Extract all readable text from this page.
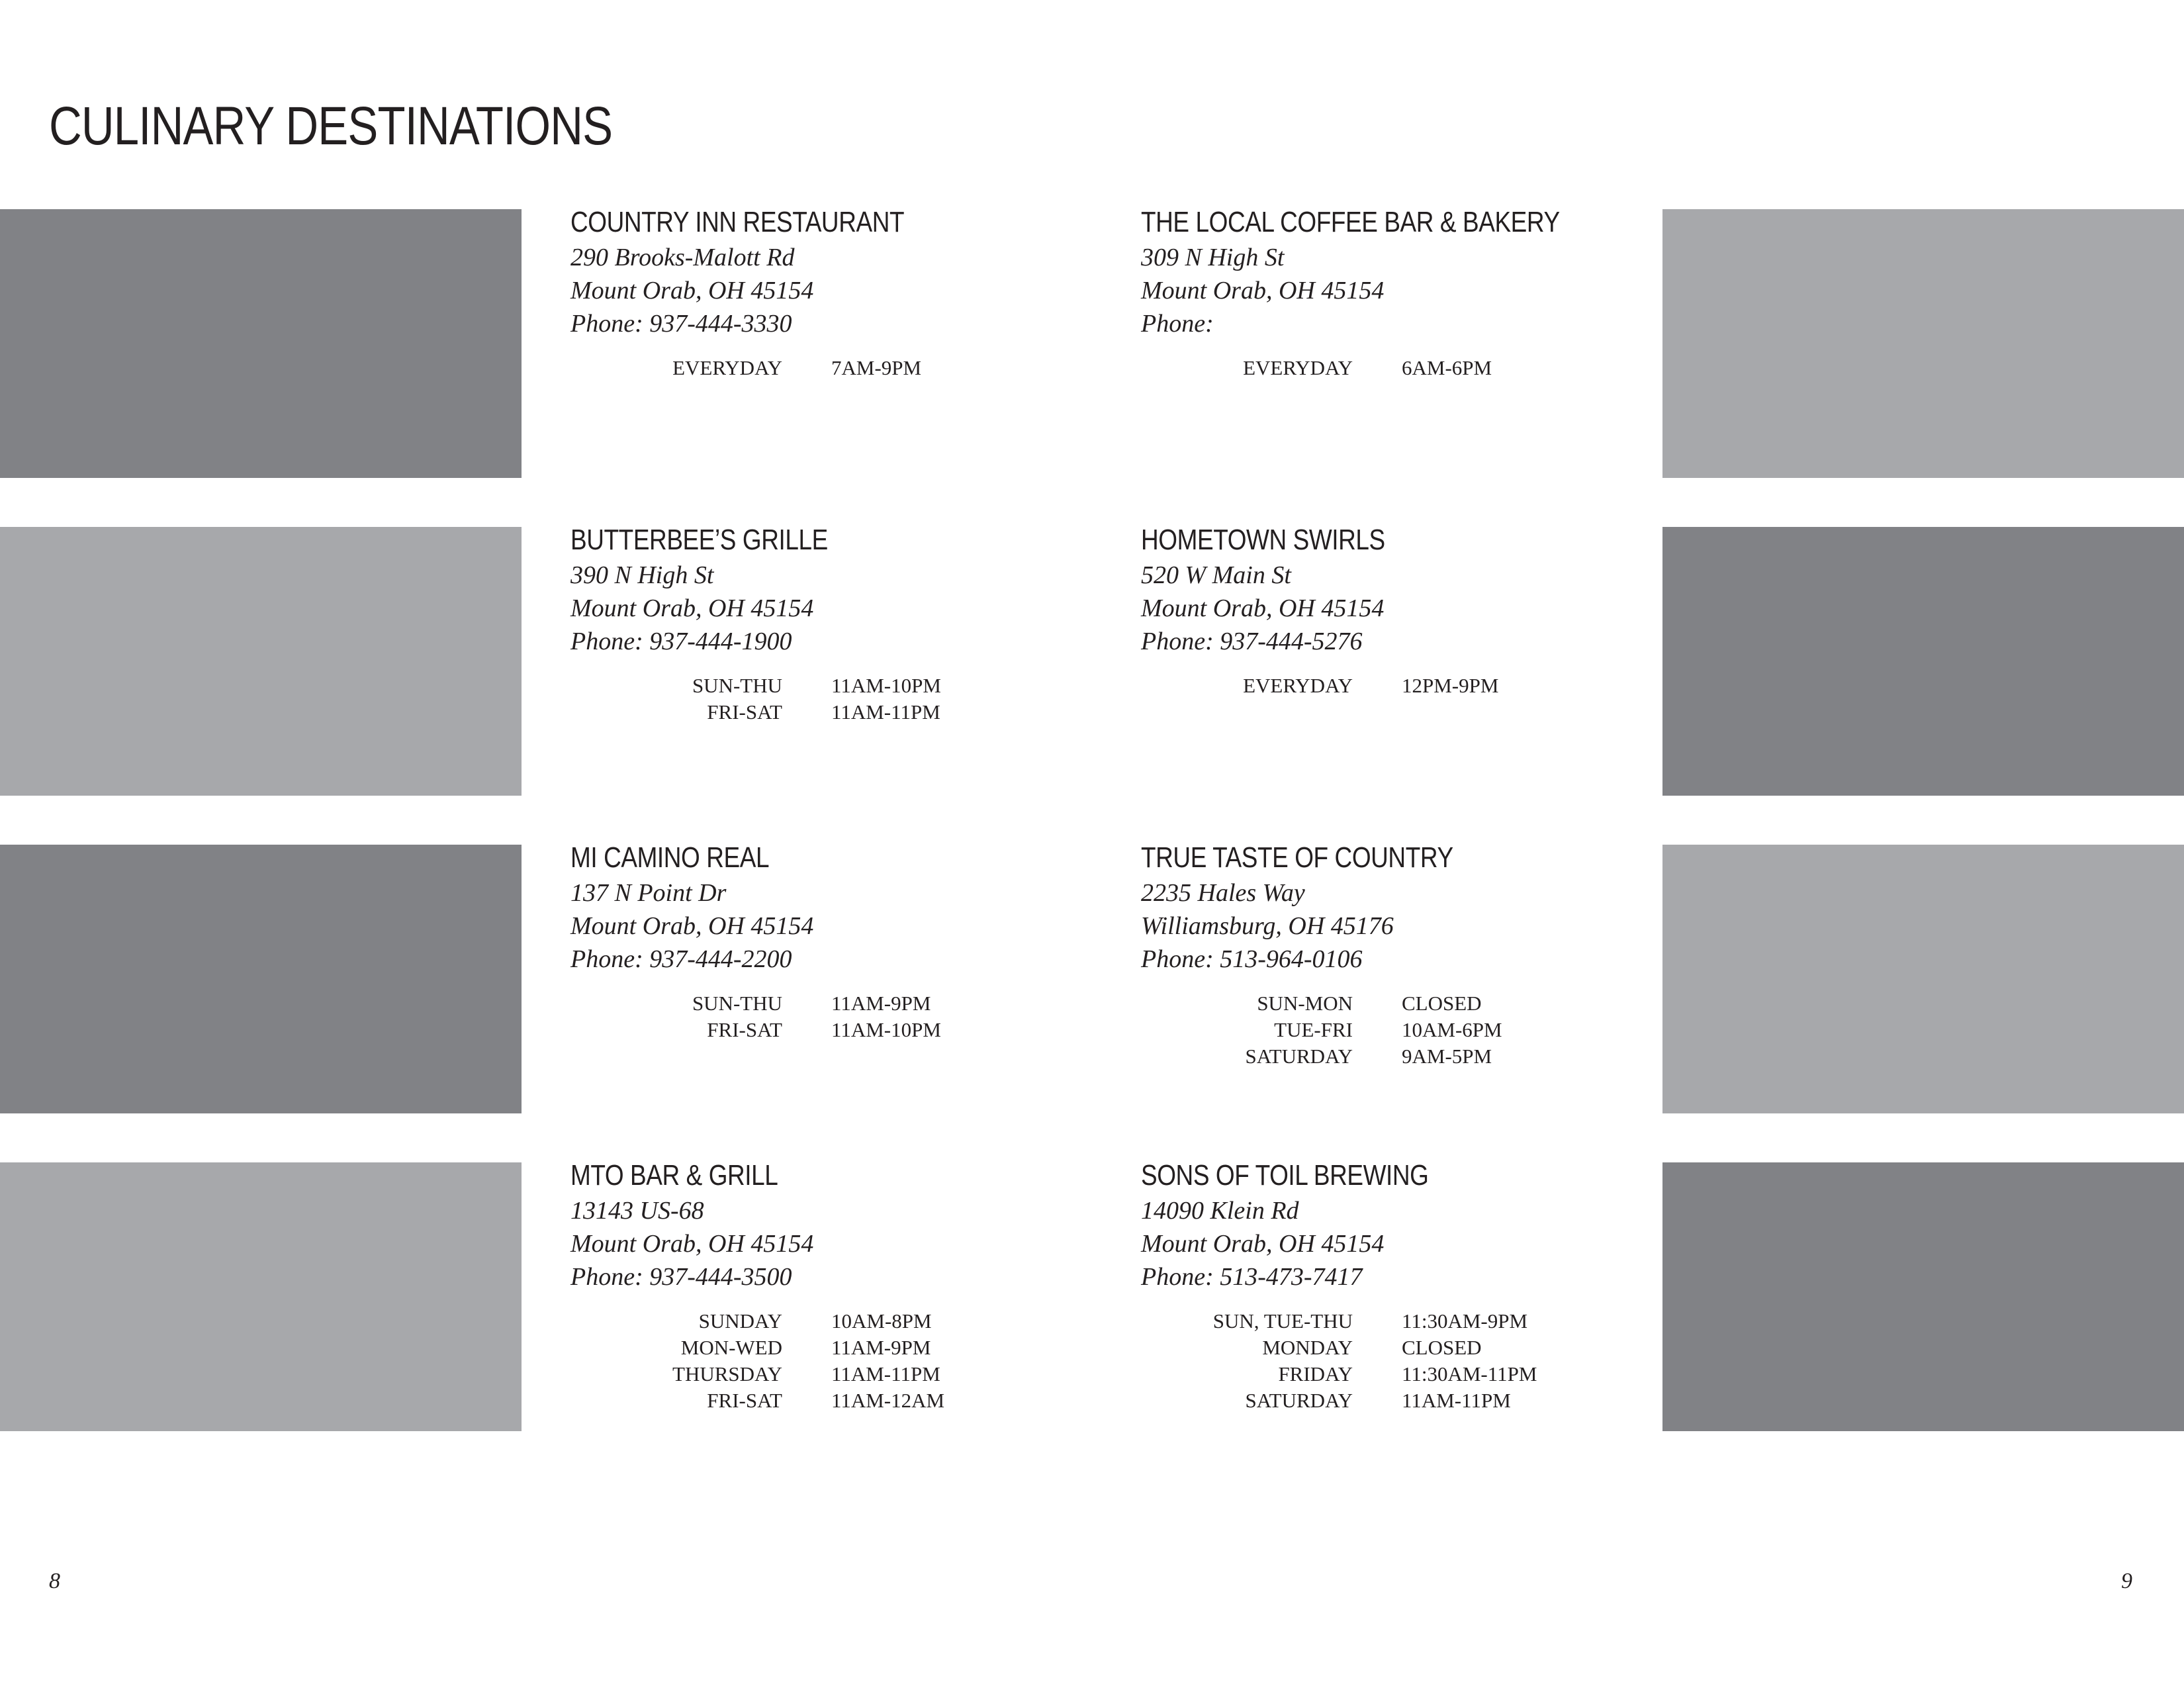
CULINARY DESTINATIONS
COUNTRY INN RESTAURANT
290 Brooks-Malott Rd
Mount Orab, OH 45154
Phone: 937-444-3330
EVERYDAY 7AM-9PM
THE LOCAL COFFEE BAR & BAKERY
309 N High St
Mount Orab, OH 45154
Phone:
EVERYDAY 6AM-6PM
BUTTERBEE’S GRILLE
390 N High St
Mount Orab, OH 45154
Phone: 937-444-1900
SUN-THU 11AM-10PM
FRI-SAT 11AM-11PM
HOMETOWN SWIRLS
520 W Main St
Mount Orab, OH 45154
Phone: 937-444-5276
EVERYDAY 12PM-9PM
MI CAMINO REAL
137 N Point Dr
Mount Orab, OH 45154
Phone: 937-444-2200
SUN-THU 11AM-9PM
FRI-SAT 11AM-10PM
TRUE TASTE OF COUNTRY
2235 Hales Way
Williamsburg, OH 45176
Phone: 513-964-0106
SUN-MON CLOSED
TUE-FRI 10AM-6PM
SATURDAY 9AM-5PM
MTO BAR & GRILL
13143 US-68
Mount Orab, OH 45154
Phone: 937-444-3500
SUNDAY 10AM-8PM
MON-WED 11AM-9PM
THURSDAY 11AM-11PM
FRI-SAT 11AM-12AM
SONS OF TOIL BREWING
14090 Klein Rd
Mount Orab, OH 45154
Phone: 513-473-7417
SUN, TUE-THU 11:30AM-9PM
MONDAY CLOSED
FRIDAY 11:30AM-11PM
SATURDAY 11AM-11PM
8	9
